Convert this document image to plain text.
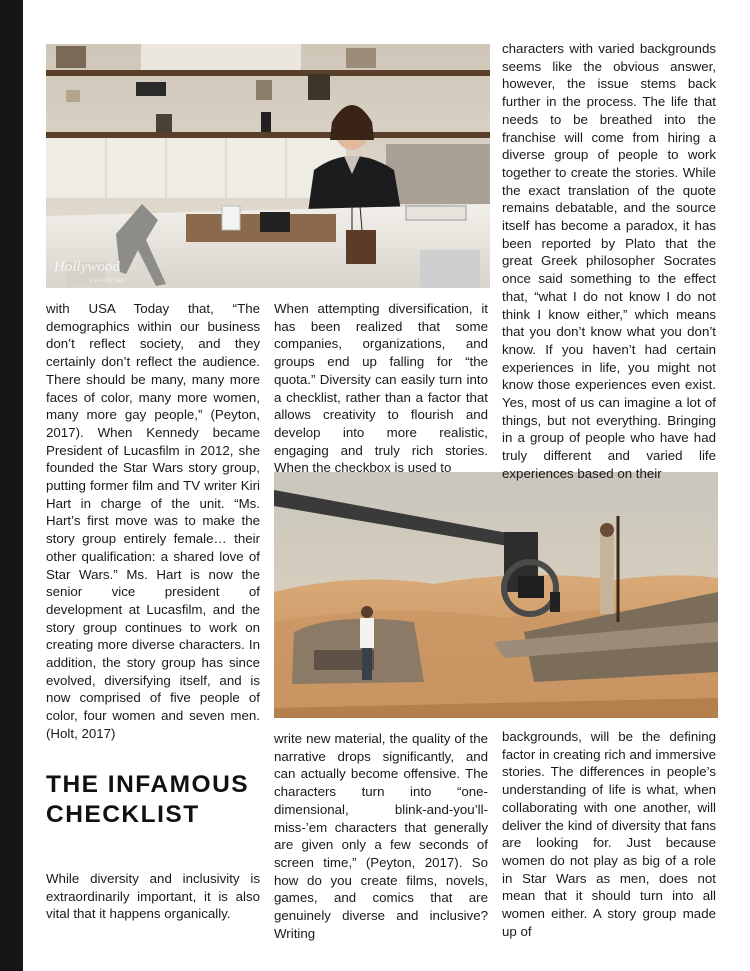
Hollywood
REPORTER

with USA Today that, “The demographics within our business don’t reflect society, and they certainly don’t reflect the audience. There should be many, many more faces of color, many more women, many more gay people,” (Peyton, 2017). When Kennedy became President of Lucasfilm in 2012, she founded the Star Wars story group, putting former film and TV writer Kiri Hart in charge of the unit. “Ms. Hart’s first move was to make the story group entirely female… their other qualification: a shared love of Star Wars.” Ms. Hart is now the senior vice president of development at Lucasfilm, and the story group continues to work on creating more diverse characters. In addition, the story group has since evolved, diversifying itself, and is now comprised of five people of color, four women and seven men. (Holt, 2017)

THE INFAMOUS CHECKLIST

While diversity and inclusivity is extraordinarily important, it is also vital that it happens organically.

When attempting diversification, it has been realized that some companies, organizations, and groups end up falling for “the quota.” Diversity can easily turn into a checklist, rather than a factor that allows creativity to flourish and develop into more realistic, engaging and truly rich stories. When the checkbox is used to

write new material, the quality of the narrative drops significantly, and can actually become offensive. The characters turn into “one-dimensional, blink-and-you’ll-miss-’em characters that generally are given only a few seconds of screen time,” (Peyton, 2017). So how do you create films, novels, games, and comics that are genuinely diverse and inclusive? Writing

characters with varied backgrounds seems like the obvious answer, however, the issue stems back further in the process. The life that needs to be breathed into the franchise will come from hiring a diverse group of people to work together to create the stories. While the exact translation of the quote remains debatable, and the source itself has become a paradox, it has been reported by Plato that the great Greek philosopher Socrates once said something to the effect that, “what I do not know I do not think I know either,” which means that you don’t know what you don’t know. If you haven’t had certain experiences in life, you might not know those experiences even exist. Yes, most of us can imagine a lot of things, but not everything. Bringing in a group of people who have had truly different and varied life experiences based on their

backgrounds, will be the defining factor in creating rich and immersive stories. The differences in people’s understanding of life is what, when collaborating with one another, will deliver the kind of diversity that fans are looking for. Just because women do not play as big of a role in Star Wars as men, does not mean that it should turn into all women either. A story group made up of
